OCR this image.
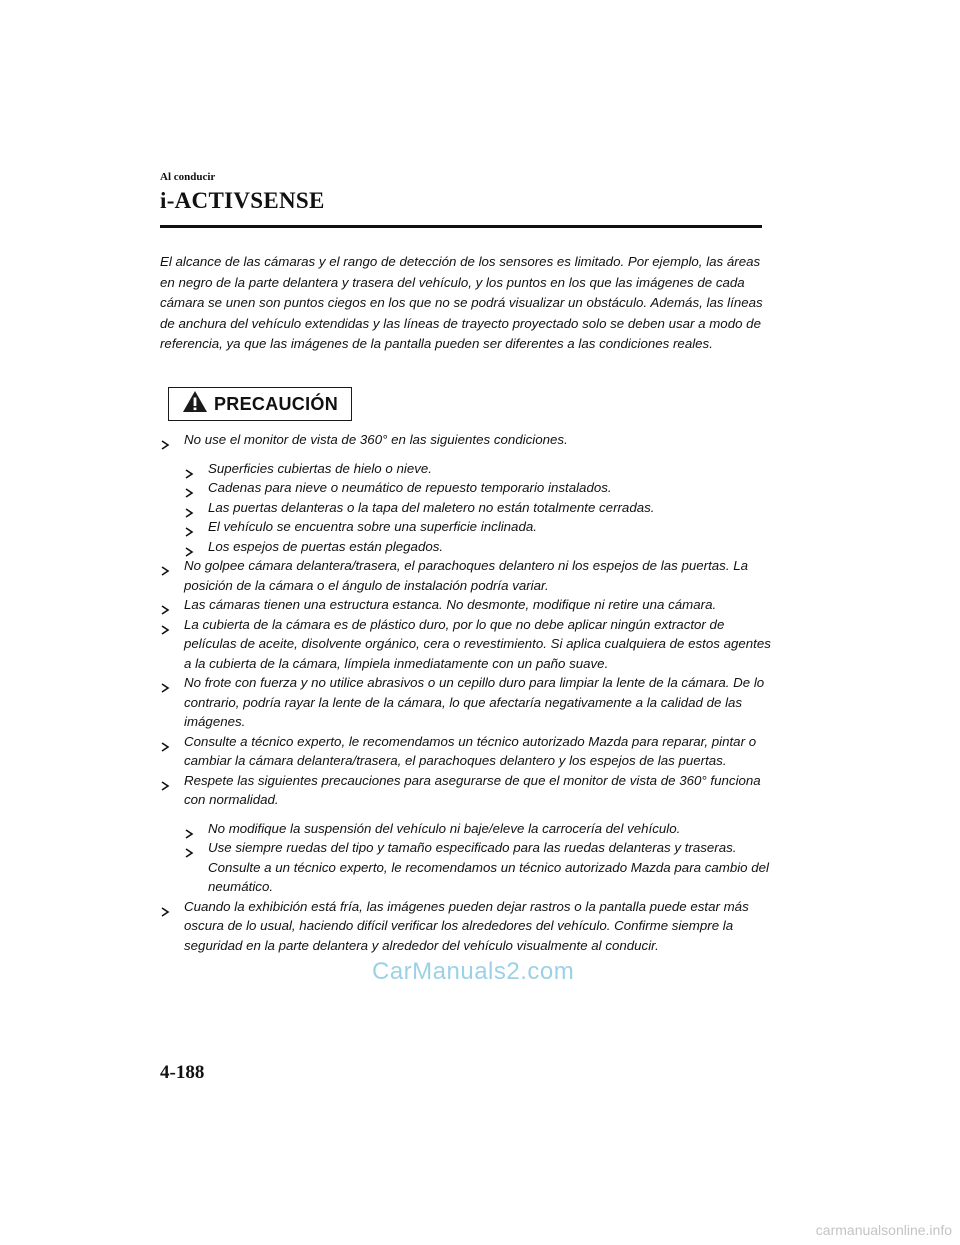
Al conducir
i-ACTIVSENSE

El alcance de las cámaras y el rango de detección de los sensores es limitado. Por ejemplo, las áreas en negro de la parte delantera y trasera del vehículo, y los puntos en los que las imágenes de cada cámara se unen son puntos ciegos en los que no se podrá visualizar un obstáculo. Además, las líneas de anchura del vehículo extendidas y las líneas de trayecto proyectado solo se deben usar a modo de referencia, ya que las imágenes de la pantalla pueden ser diferentes a las condiciones reales.

PRECAUCIÓN
No use el monitor de vista de 360° en las siguientes condiciones.
Superficies cubiertas de hielo o nieve.
Cadenas para nieve o neumático de repuesto temporario instalados.
Las puertas delanteras o la tapa del maletero no están totalmente cerradas.
El vehículo se encuentra sobre una superficie inclinada.
Los espejos de puertas están plegados.
No golpee cámara delantera/trasera, el parachoques delantero ni los espejos de las puertas. La posición de la cámara o el ángulo de instalación podría variar.
Las cámaras tienen una estructura estanca. No desmonte, modifique ni retire una cámara.
La cubierta de la cámara es de plástico duro, por lo que no debe aplicar ningún extractor de películas de aceite, disolvente orgánico, cera o revestimiento. Si aplica cualquiera de estos agentes a la cubierta de la cámara, límpiela inmediatamente con un paño suave.
No frote con fuerza y no utilice abrasivos o un cepillo duro para limpiar la lente de la cámara. De lo contrario, podría rayar la lente de la cámara, lo que afectaría negativamente a la calidad de las imágenes.
Consulte a técnico experto, le recomendamos un técnico autorizado Mazda para reparar, pintar o cambiar la cámara delantera/trasera, el parachoques delantero y los espejos de las puertas.
Respete las siguientes precauciones para asegurarse de que el monitor de vista de 360° funciona con normalidad.
No modifique la suspensión del vehículo ni baje/eleve la carrocería del vehículo.
Use siempre ruedas del tipo y tamaño especificado para las ruedas delanteras y traseras. Consulte a un técnico experto, le recomendamos un técnico autorizado Mazda para cambio del neumático.
Cuando la exhibición está fría, las imágenes pueden dejar rastros o la pantalla puede estar más oscura de lo usual, haciendo difícil verificar los alrededores del vehículo. Confirme siempre la seguridad en la parte delantera y alrededor del vehículo visualmente al conducir.
4-188
CarManuals2.com
carmanualsonline.info
